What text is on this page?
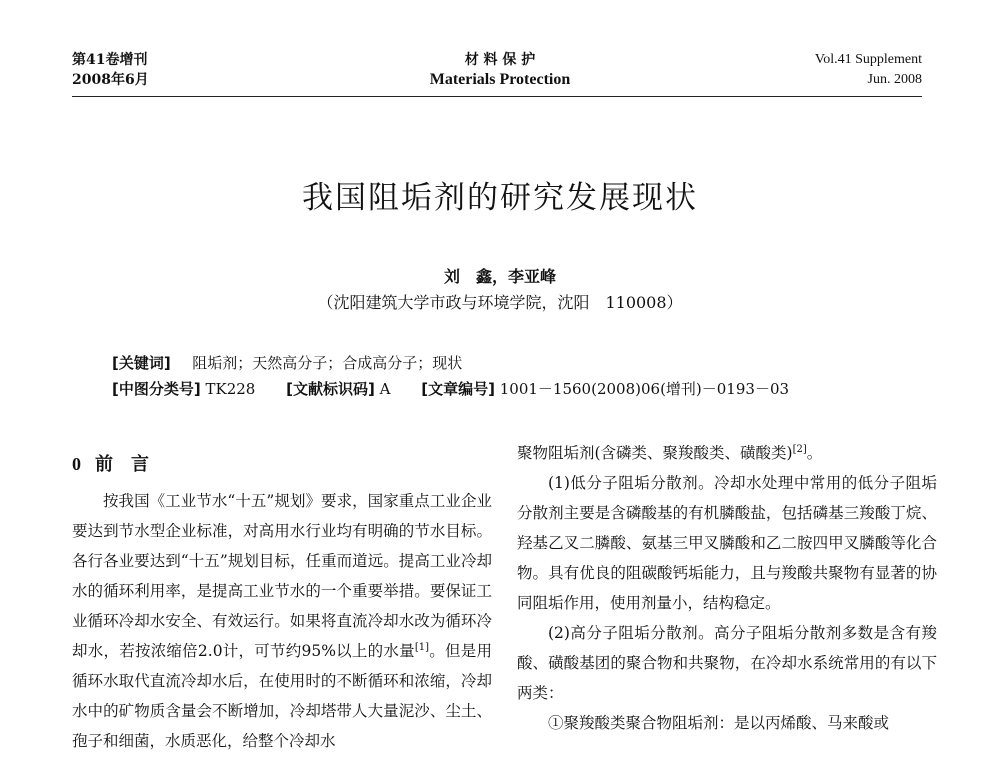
第41卷增刊
2008年6月
材 料 保 护
Materials Protection
Vol.41 Supplement
Jun. 2008
我国阻垢剂的研究发展现状
刘　鑫，李亚峰
（沈阳建筑大学市政与环境学院，沈阳　110008）
[关键词] 阻垢剂；天然高分子；合成高分子；现状
[中图分类号] TK228 [文献标识码] A [文章编号] 1001－1560(2008)06(增刊)－0193－03
0 前　言

按我国《工业节水“十五”规划》要求，国家重点工业企业要达到节水型企业标准，对高用水行业均有明确的节水目标。各行各业要达到“十五”规划目标，任重而道远。提高工业冷却水的循环利用率，是提高工业节水的一个重要举措。要保证工业循环冷却水安全、有效运行。如果将直流冷却水改为循环冷却水，若按浓缩倍2.0计，可节约95%以上的水量[1]。但是用循环水取代直流冷却水后，在使用时的不断循环和浓缩，冷却水中的矿物质含量会不断增加，冷却塔带人大量泥沙、尘土、孢子和细菌，水质恶化，给整个冷却水

聚物阻垢剂(含磷类、聚羧酸类、磺酸类)[2]。

(1)低分子阻垢分散剂。冷却水处理中常用的低分子阻垢分散剂主要是含磷酸基的有机膦酸盐，包括磷基三羧酸丁烷、羟基乙叉二膦酸、氨基三甲叉膦酸和乙二胺四甲叉膦酸等化合物。具有优良的阻碳酸钙垢能力，且与羧酸共聚物有显著的协同阻垢作用，使用剂量小，结构稳定。

(2)高分子阻垢分散剂。高分子阻垢分散剂多数是含有羧酸、磺酸基团的聚合物和共聚物，在冷却水系统常用的有以下两类：

①聚羧酸类聚合物阻垢剂：是以丙烯酸、马来酸或
